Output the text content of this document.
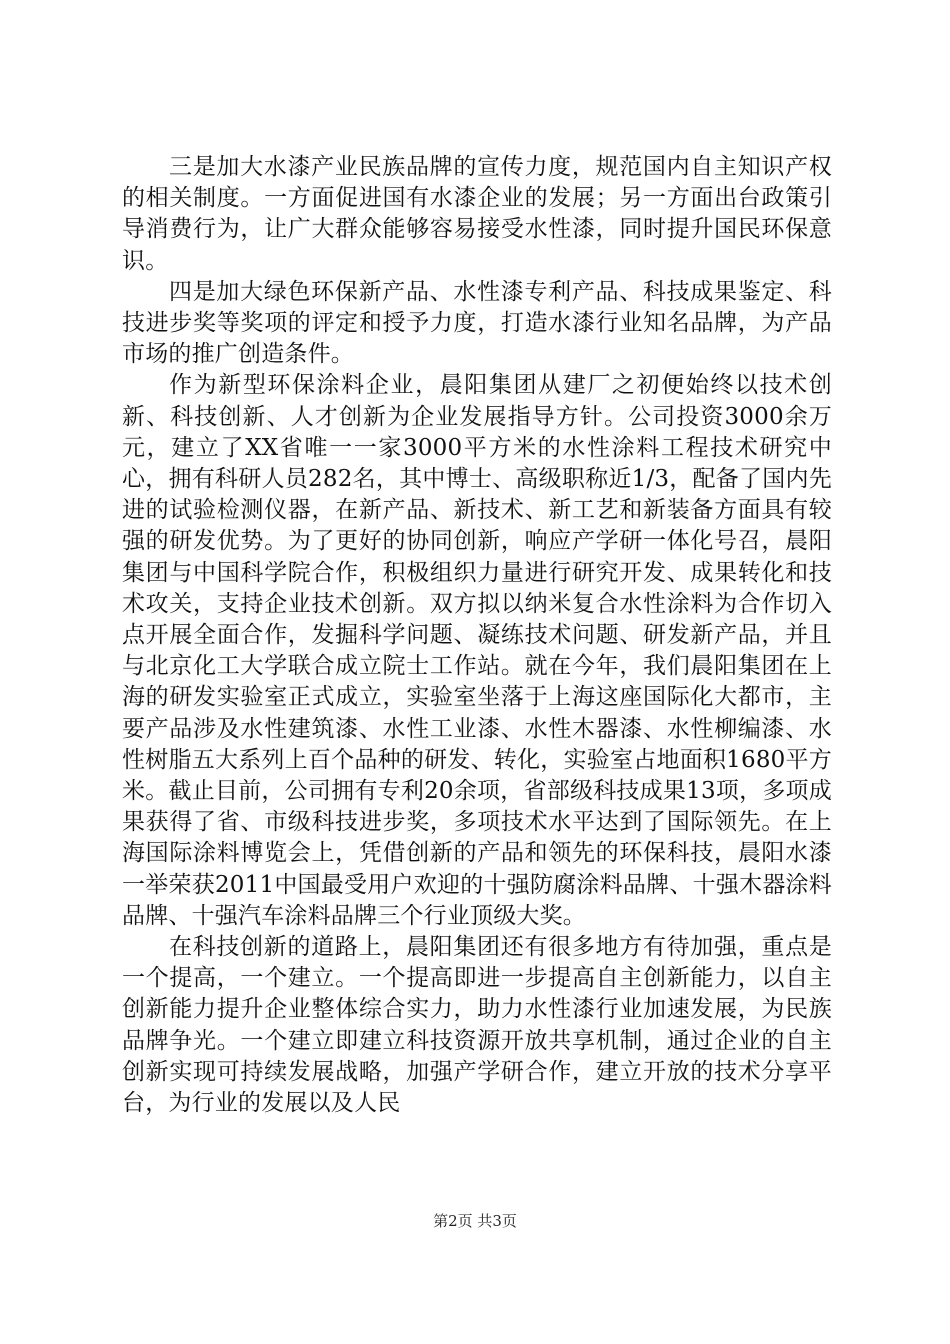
三是加大水漆产业民族品牌的宣传力度，规范国内自主知识产权的相关制度。一方面促进国有水漆企业的发展；另一方面出台政策引导消费行为，让广大群众能够容易接受水性漆，同时提升国民环保意识。

四是加大绿色环保新产品、水性漆专利产品、科技成果鉴定、科技进步奖等奖项的评定和授予力度，打造水漆行业知名品牌，为产品市场的推广创造条件。

作为新型环保涂料企业，晨阳集团从建厂之初便始终以技术创新、科技创新、人才创新为企业发展指导方针。公司投资3000余万元，建立了XX省唯一一家3000平方米的水性涂料工程技术研究中心，拥有科研人员282名，其中博士、高级职称近1/3，配备了国内先进的试验检测仪器，在新产品、新技术、新工艺和新装备方面具有较强的研发优势。为了更好的协同创新，响应产学研一体化号召，晨阳集团与中国科学院合作，积极组织力量进行研究开发、成果转化和技术攻关，支持企业技术创新。双方拟以纳米复合水性涂料为合作切入点开展全面合作，发掘科学问题、凝练技术问题、研发新产品，并且与北京化工大学联合成立院士工作站。就在今年，我们晨阳集团在上海的研发实验室正式成立，实验室坐落于上海这座国际化大都市，主要产品涉及水性建筑漆、水性工业漆、水性木器漆、水性柳编漆、水性树脂五大系列上百个品种的研发、转化，实验室占地面积1680平方米。截止目前，公司拥有专利20余项，省部级科技成果13项，多项成果获得了省、市级科技进步奖，多项技术水平达到了国际领先。在上海国际涂料博览会上，凭借创新的产品和领先的环保科技，晨阳水漆一举荣获2011中国最受用户欢迎的十强防腐涂料品牌、十强木器涂料品牌、十强汽车涂料品牌三个行业顶级大奖。

在科技创新的道路上，晨阳集团还有很多地方有待加强，重点是一个提高，一个建立。一个提高即进一步提高自主创新能力，以自主创新能力提升企业整体综合实力，助力水性漆行业加速发展，为民族品牌争光。一个建立即建立科技资源开放共享机制，通过企业的自主创新实现可持续发展战略，加强产学研合作，建立开放的技术分享平台，为行业的发展以及人民

第2页 共3页
